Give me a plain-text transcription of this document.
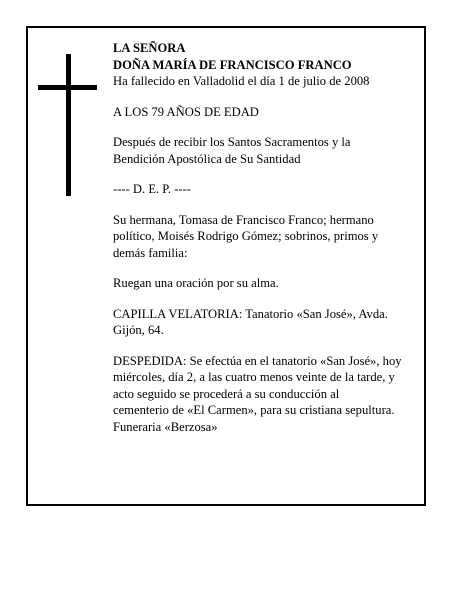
LA SEÑORA
DOÑA MARÍA DE FRANCISCO FRANCO
Ha fallecido en Valladolid el día 1 de julio de 2008
A LOS 79 AÑOS DE EDAD
Después de recibir los Santos Sacramentos y la
Bendición Apostólica de Su Santidad
---- D. E. P. ----
Su hermana, Tomasa de Francisco Franco; hermano
político, Moisés Rodrigo Gómez; sobrinos, primos y
demás familia:
Ruegan una oración por su alma.
CAPILLA VELATORIA: Tanatorio «San José», Avda.
Gijón, 64.
DESPEDIDA: Se efectúa en el tanatorio «San José», hoy
miércoles, día 2, a las cuatro menos veinte de la tarde, y
acto seguido se procederá a su conducción al
cementerio de «El Carmen», para su cristiana sepultura.
Funeraria «Berzosa»
